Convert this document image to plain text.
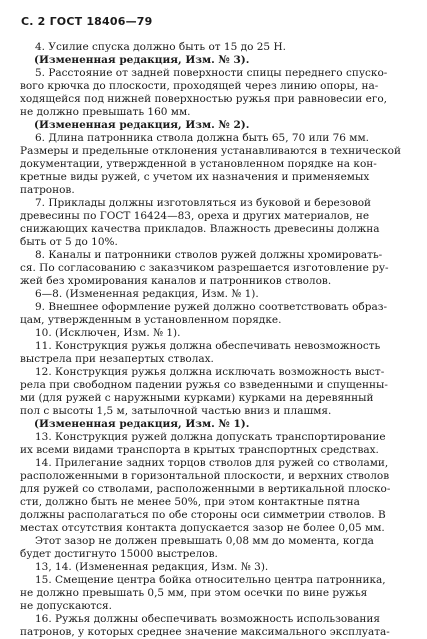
С. 2 ГОСТ 18406—79
4. Усилие спуска должно быть от 15 до 25 Н.
(Измененная редакция, Изм. № 3).
5. Расстояние от задней поверхности спицы переднего спуско-
вого крючка до плоскости, проходящей через линию опоры, на-
ходящейся под нижней поверхностью ружья при равновесии его,
не должно превышать 160 мм.
(Измененная редакция, Изм. № 2).
6. Длина патронника ствола должна быть 65, 70 или 76 мм.
Размеры и предельные отклонения устанавливаются в технической
документации, утвержденной в установленном порядке на кон-
кретные виды ружей, с учетом их назначения и применяемых
патронов.
7. Приклады должны изготовляться из буковой и березовой
древесины по ГОСТ 16424—83, ореха и других материалов, не
снижающих качества прикладов. Влажность древесины должна
быть от 5 до 10%.
8. Каналы и патронники стволов ружей должны хромировать-
ся. По согласованию с заказчиком разрешается изготовление ру-
жей без хромирования каналов и патронников стволов.
6—8. (Измененная редакция, Изм. № 1).
9. Внешнее оформление ружей должно соответствовать образ-
цам, утвержденным в установленном порядке.
10. (Исключен, Изм. № 1).
11. Конструкция ружья должна обеспечивать невозможность
выстрела при незапертых стволах.
12. Конструкция ружья должна исключать возможность выст-
рела при свободном падении ружья со взведенными и спущенны-
ми (для ружей с наружными курками) курками на деревянный
пол с высоты 1,5 м, затылочной частью вниз и плашмя.
(Измененная редакция, Изм. № 1).
13. Конструкция ружей должна допускать транспортирование
их всеми видами транспорта в крытых транспортных средствах.
14. Прилегание задних торцов стволов для ружей со стволами,
расположенными в горизонтальной плоскости, и верхних стволов
для ружей со стволами, расположенными в вертикальной плоско-
сти, должно быть не менее 50%, при этом контактные пятна
должны располагаться по обе стороны оси симметрии стволов. В
местах отсутствия контакта допускается зазор не более 0,05 мм.
Этот зазор не должен превышать 0,08 мм до момента, когда
будет достигнуто 15000 выстрелов.
13, 14. (Измененная редакция, Изм. № 3).
15. Смещение центра бойка относительно центра патронника,
не должно превышать 0,5 мм, при этом осечки по вине ружья
не допускаются.
16. Ружья должны обеспечивать возможность использования
патронов, у которых среднее значение максимального эксплуата-
